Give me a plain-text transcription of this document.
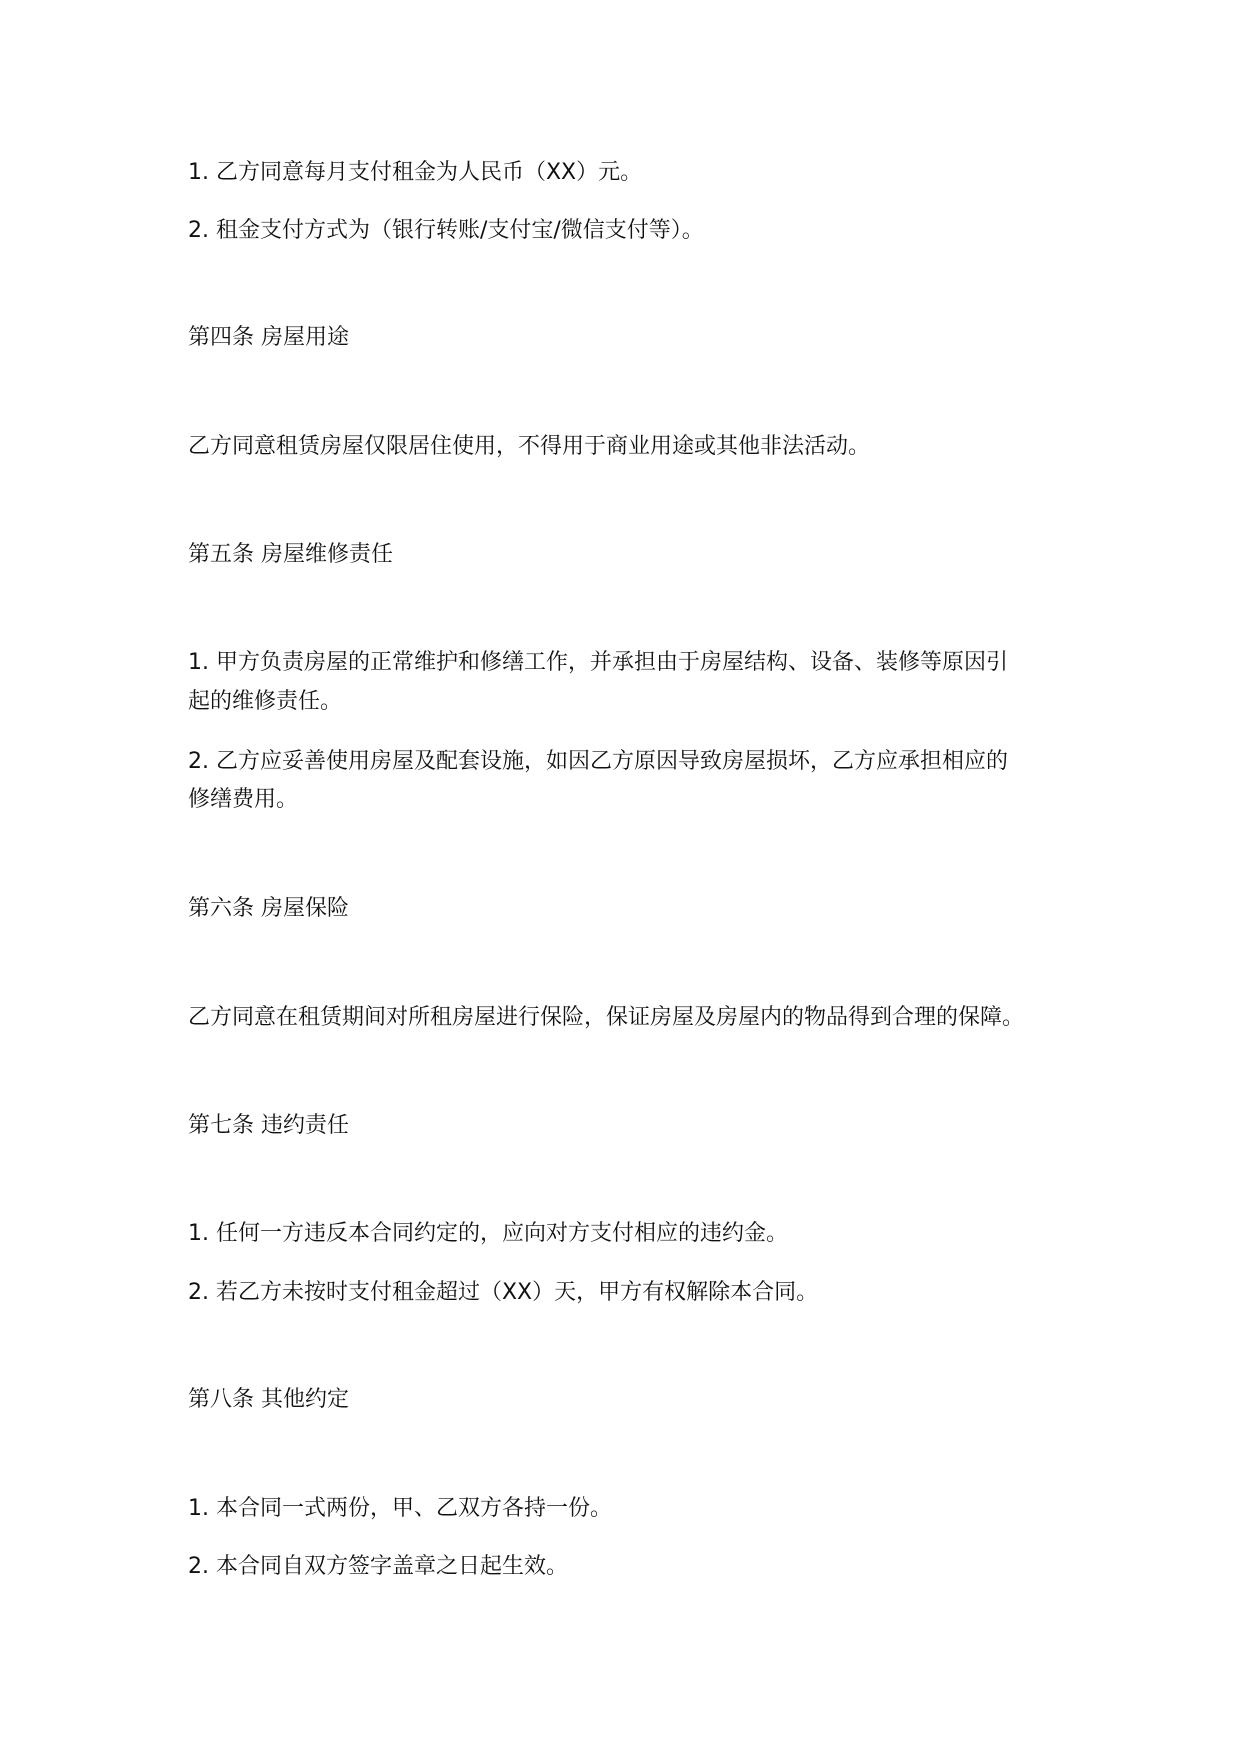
1. 乙方同意每月支付租金为人民币（XX）元。
2. 租金支付方式为（银行转账/支付宝/微信支付等）。
第四条 房屋用途
乙方同意租赁房屋仅限居住使用，不得用于商业用途或其他非法活动。
第五条 房屋维修责任
1. 甲方负责房屋的正常维护和修缮工作，并承担由于房屋结构、设备、装修等原因引
起的维修责任。
2. 乙方应妥善使用房屋及配套设施，如因乙方原因导致房屋损坏，乙方应承担相应的
修缮费用。
第六条 房屋保险
乙方同意在租赁期间对所租房屋进行保险，保证房屋及房屋内的物品得到合理的保障。
第七条 违约责任
1. 任何一方违反本合同约定的，应向对方支付相应的违约金。
2. 若乙方未按时支付租金超过（XX）天，甲方有权解除本合同。
第八条 其他约定
1. 本合同一式两份，甲、乙双方各持一份。
2. 本合同自双方签字盖章之日起生效。
